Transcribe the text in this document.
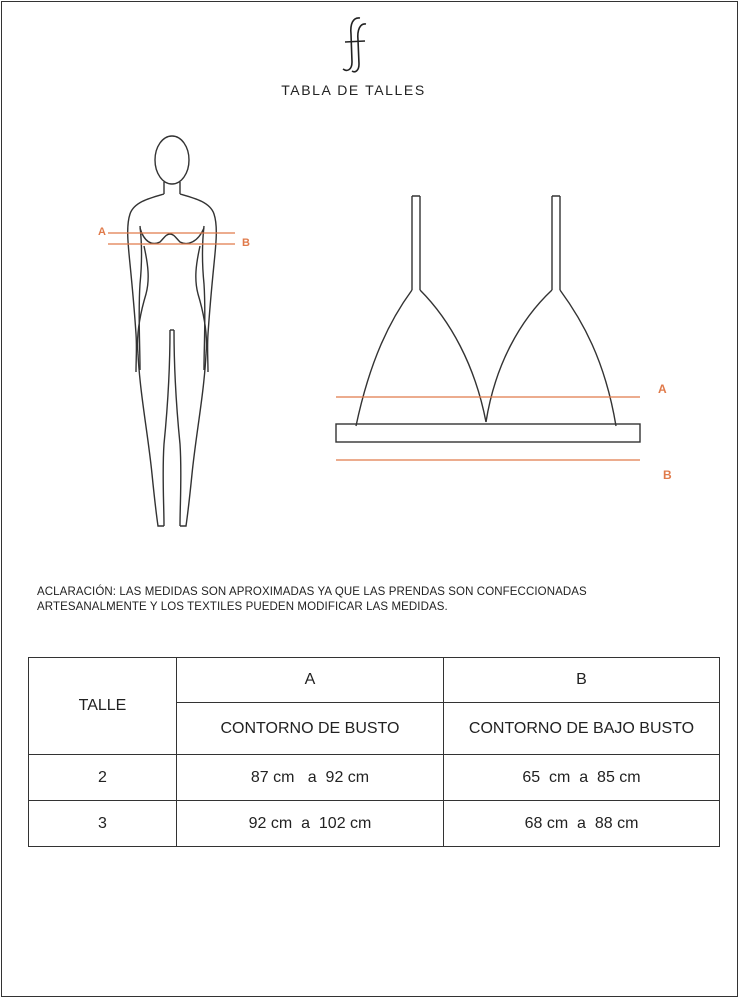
TABLA DE TALLES
A
B
A
B
ACLARACIÓN: LAS MEDIDAS SON APROXIMADAS YA QUE LAS PRENDAS SON CONFECCIONADAS
ARTESANALMENTE Y LOS TEXTILES PUEDEN MODIFICAR LAS MEDIDAS.
TALLE	A	B
	CONTORNO DE BUSTO	CONTORNO DE BAJO BUSTO
2	87 cm   a  92 cm	65  cm  a  85 cm
3	92 cm  a  102 cm	68 cm  a  88 cm
